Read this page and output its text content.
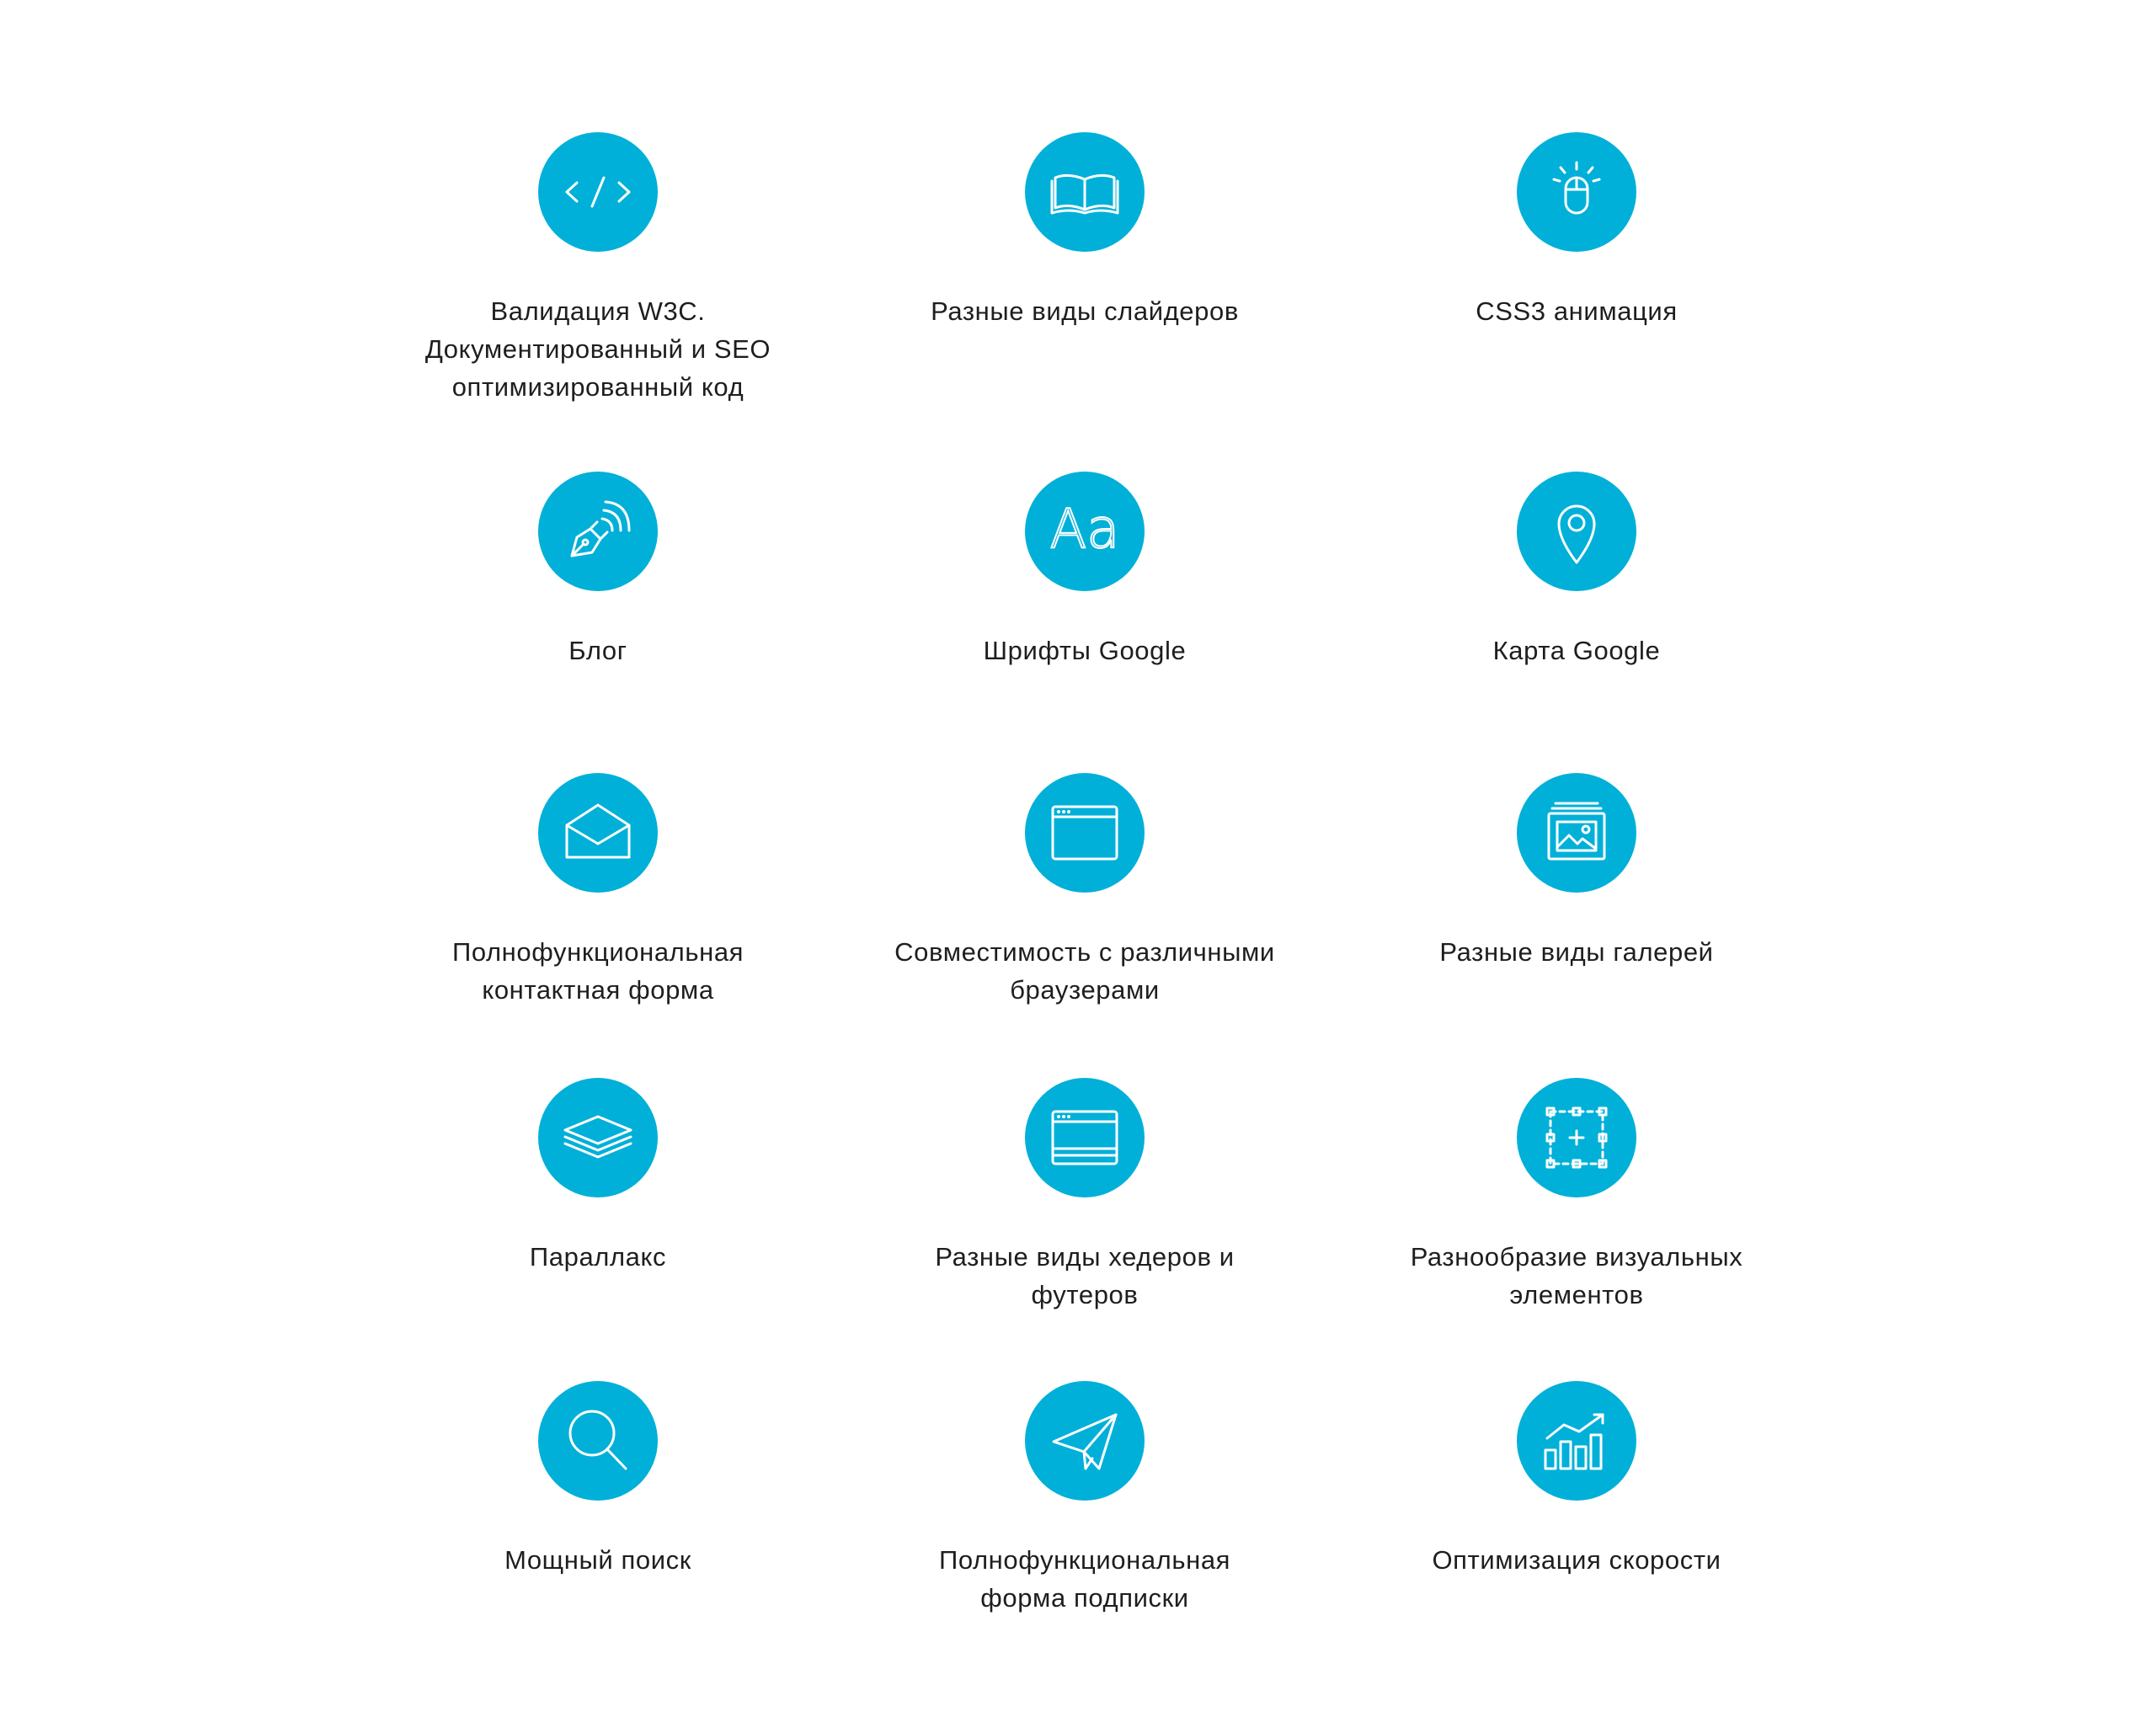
Валидация W3C.
Документированный и SEO
оптимизированный код
Разные виды слайдеров	CSS3 анимация
Блог
Aa
Шрифты Google	Карта Google
Полнофункциональная
контактная форма
Совместимость с различными
браузерами
Разные виды галерей
Параллакс	Разные виды хедеров и
футеров
Разнообразие визуальных
элементов
Мощный поиск	Полнофункциональная
форма подписки
Оптимизация скорости
